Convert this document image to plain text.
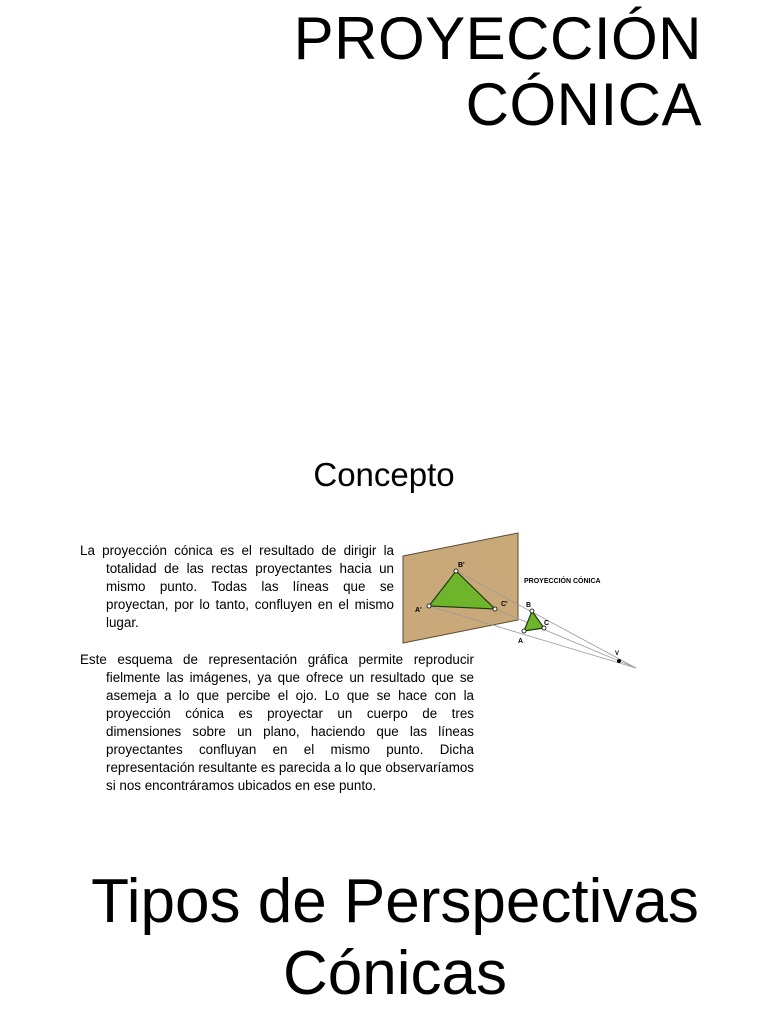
PROYECCIÓN
CÓNICA
Concepto

La proyección cónica es el resultado de dirigir la totalidad de las rectas proyectantes hacia un mismo punto. Todas las líneas que se proyectan, por lo tanto, confluyen en el mismo lugar.

Este esquema de representación gráfica permite reproducir fielmente las imágenes, ya que ofrece un resultado que se asemeja a lo que percibe el ojo. Lo que se hace con la proyección cónica es proyectar un cuerpo de tres dimensiones sobre un plano, haciendo que las líneas proyectantes confluyan en el mismo punto. Dicha representación resultante es parecida a lo que observaríamos si nos encontráramos ubicados en ese punto.

A'
B'
C'
A
B
C
V
PROYECCIÓN CÓNICA
Tipos de Perspectivas
Cónicas
